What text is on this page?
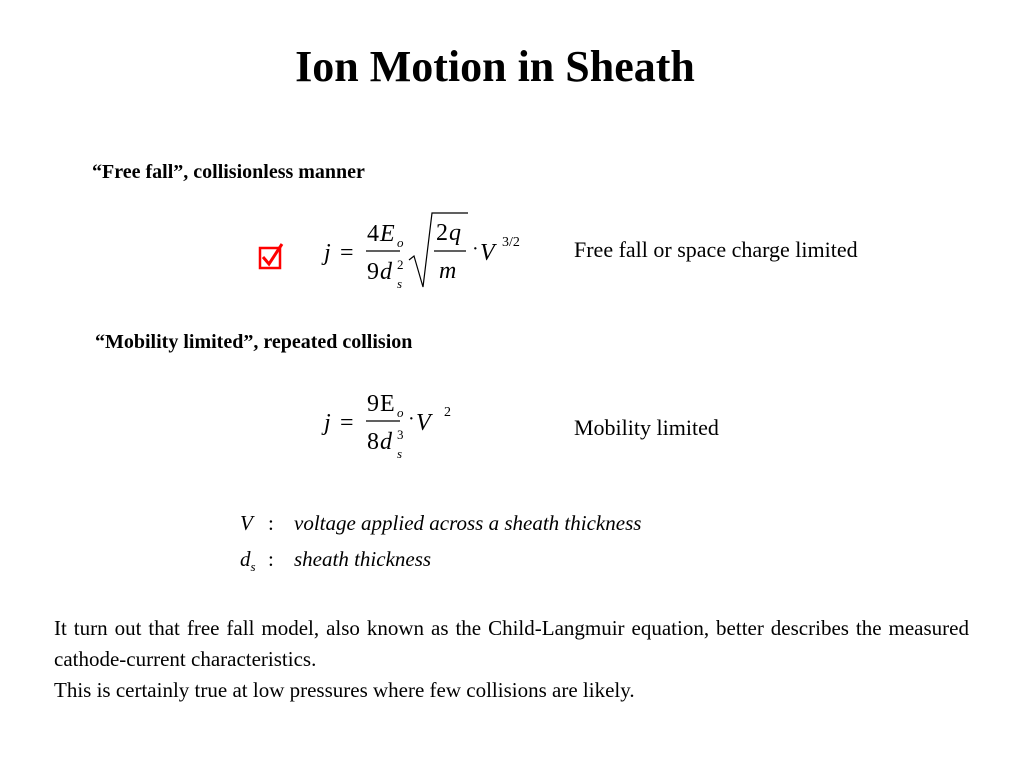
Ion Motion in Sheath
“Free fall”, collisionless manner
j =
4 E o
9 d 2
s
2 q
m
· V 3/2 Free fall or space charge limited
“Mobility limited”, repeated collision
j =
9 E o
8 d 3
s
· V 2
Mobility limited
V : voltage applied across a sheath thickness
$d_s$ : sheath thickness

It turn out that free fall model, also known as the Child-Langmuir equation, better describes the measured cathode-current characteristics.

This is certainly true at low pressures where few collisions are likely.
